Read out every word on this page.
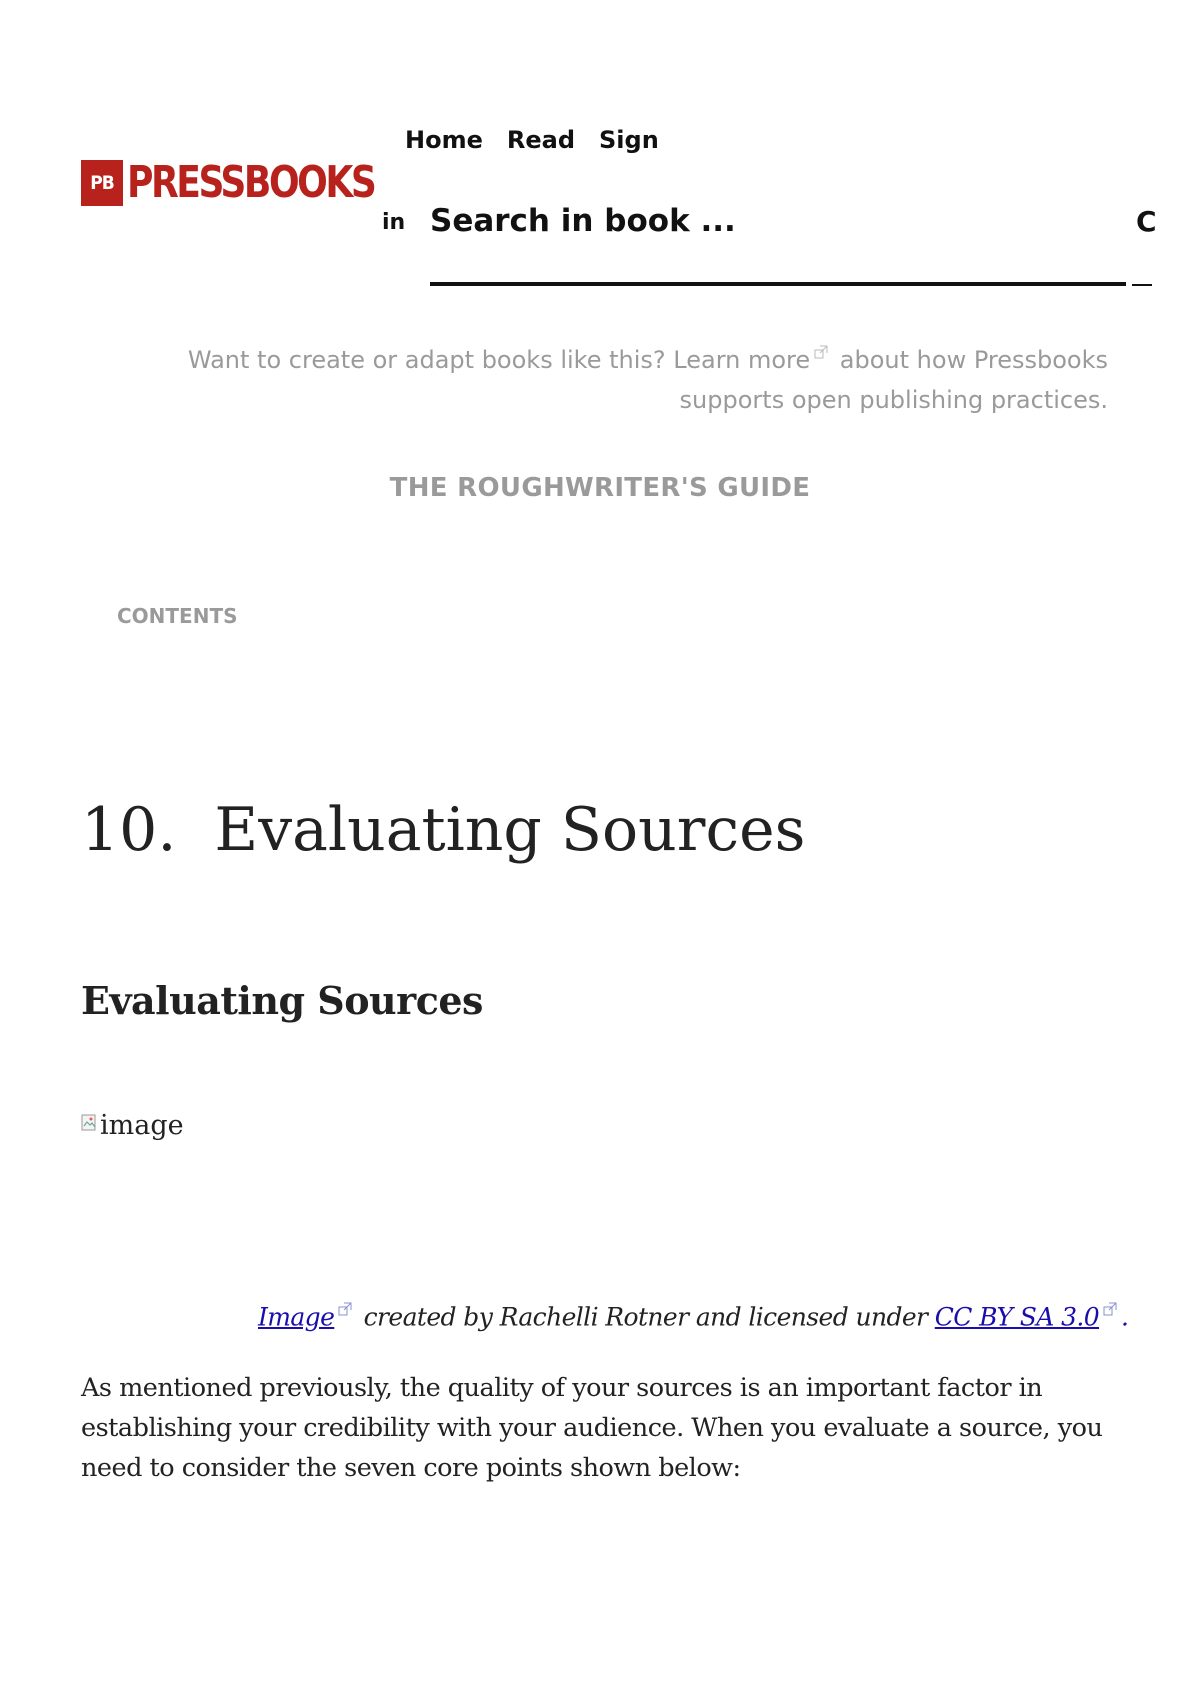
PB PRESSBOOKS
Home Read Sign
in
Search in book ...	C
Want to create or adapt books like this? Learn more about how Pressbooks supports open publishing practices.
THE ROUGHWRITER'S GUIDE
CONTENTS
10. Evaluating Sources
Evaluating Sources
image
Image created by Rachelli Rotner and licensed under CC BY SA 3.0 .

As mentioned previously, the quality of your sources is an important factor in establishing your credibility with your audience. When you evaluate a source, you need to consider the seven core points shown below:
